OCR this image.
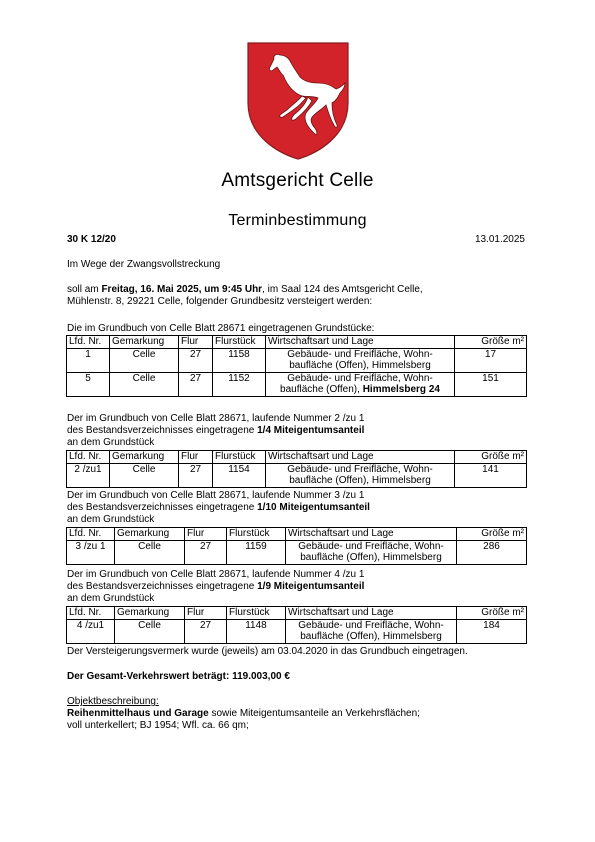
Amtsgericht Celle
Terminbestimmung
30 K 12/20	13.01.2025
Im Wege der Zwangsvollstreckung
soll am Freitag, 16. Mai 2025, um 9:45 Uhr, im Saal 124 des Amtsgericht Celle,
Mühlenstr. 8, 29221 Celle, folgender Grundbesitz versteigert werden:
Die im Grundbuch von Celle Blatt 28671 eingetragenen Grundstücke:
Lfd. Nr.	Gemarkung	Flur	Flurstück	Wirtschaftsart und Lage	Größe m²
1	Celle	27	1158	Gebäude- und Freifläche, Wohn-
baufläche (Offen), Himmelsberg	17
5	Celle	27	1152	Gebäude- und Freifläche, Wohn-
baufläche (Offen), Himmelsberg 24	151
Der im Grundbuch von Celle Blatt 28671, laufende Nummer 2 /zu 1
des Bestandsverzeichnisses eingetragene 1/4 Miteigentumsanteil
an dem Grundstück
Lfd. Nr.	Gemarkung	Flur	Flurstück	Wirtschaftsart und Lage	Größe m²
2 /zu1	Celle	27	1154	Gebäude- und Freifläche, Wohn-
baufläche (Offen), Himmelsberg	141
Der im Grundbuch von Celle Blatt 28671, laufende Nummer 3 /zu 1
des Bestandsverzeichnisses eingetragene 1/10 Miteigentumsanteil
an dem Grundstück
Lfd. Nr.	Gemarkung	Flur	Flurstück	Wirtschaftsart und Lage	Größe m²
3 /zu 1	Celle	27	1159	Gebäude- und Freifläche, Wohn-
baufläche (Offen), Himmelsberg	286
Der im Grundbuch von Celle Blatt 28671, laufende Nummer 4 /zu 1
des Bestandsverzeichnisses eingetragene 1/9 Miteigentumsanteil
an dem Grundstück
Lfd. Nr.	Gemarkung	Flur	Flurstück	Wirtschaftsart und Lage	Größe m²
4 /zu1	Celle	27	1148	Gebäude- und Freifläche, Wohn-
baufläche (Offen), Himmelsberg	184
Der Versteigerungsvermerk wurde (jeweils) am 03.04.2020 in das Grundbuch eingetragen.
Der Gesamt-Verkehrswert beträgt: 119.003,00 €
Objektbeschreibung:
Reihenmittelhaus und Garage sowie Miteigentumsanteile an Verkehrsflächen;
voll unterkellert; BJ 1954; Wfl. ca. 66 qm;
